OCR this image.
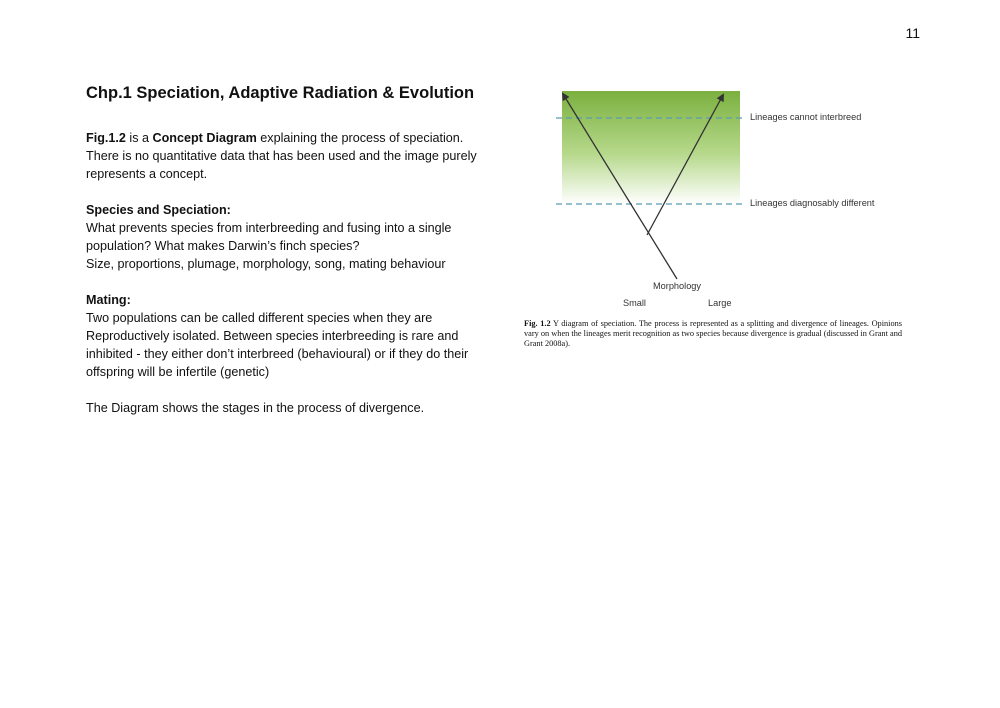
11
Chp.1 Speciation, Adaptive Radiation & Evolution

Fig.1.2 is a Concept Diagram explaining the process of speciation. There is no quantitative data that has been used and the image purely represents a concept.

Species and Speciation:
What prevents species from interbreeding and fusing into a single population? What makes Darwin’s finch species?
Size, proportions, plumage, morphology, song, mating behaviour

Mating:
Two populations can be called different species when they are Reproductively isolated. Between species interbreeding is rare and inhibited - they either don’t interbreed (behavioural) or if they do their offspring will be infertile (genetic)

The Diagram shows the stages in the process of divergence.

Lineages cannot interbreed
Lineages diagnosably different
Morphology
Small	Large
Fig. 1.2 Y diagram of speciation. The process is represented as a splitting and divergence of lineages. Opinions vary on when the lineages merit recognition as two species because divergence is gradual (discussed in Grant and Grant 2008a).
